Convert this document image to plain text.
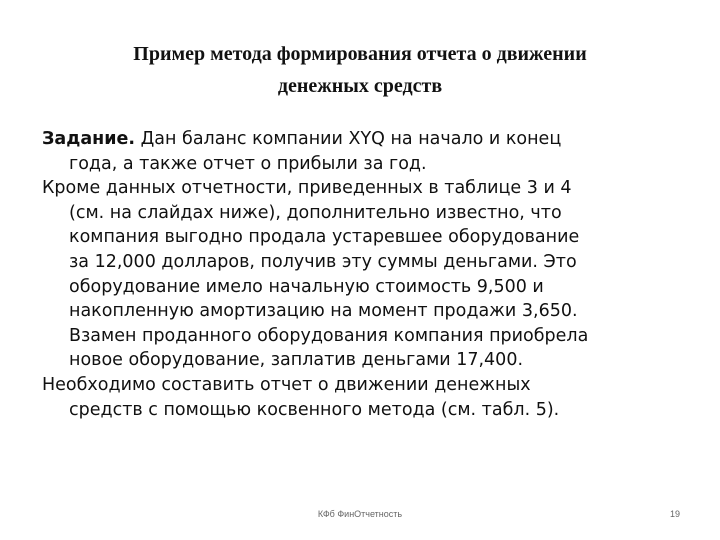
Пример метода формирования отчета о движении
денежных средств

Задание. Дан баланс компании XYQ на начало и конец
года, а также отчет о прибыли за год.

Кроме данных отчетности, приведенных в таблице 3 и 4
(см. на слайдах ниже), дополнительно известно, что
компания выгодно продала устаревшее оборудование
за 12,000 долларов, получив эту суммы деньгами. Это
оборудование имело начальную стоимость 9,500 и
накопленную амортизацию на момент продажи 3,650.
Взамен проданного оборудования компания приобрела
новое оборудование, заплатив деньгами 17,400.

Необходимо составить отчет о движении денежных
средств с помощью косвенного метода (см. табл. 5).

КФб ФинОтчетность	19
